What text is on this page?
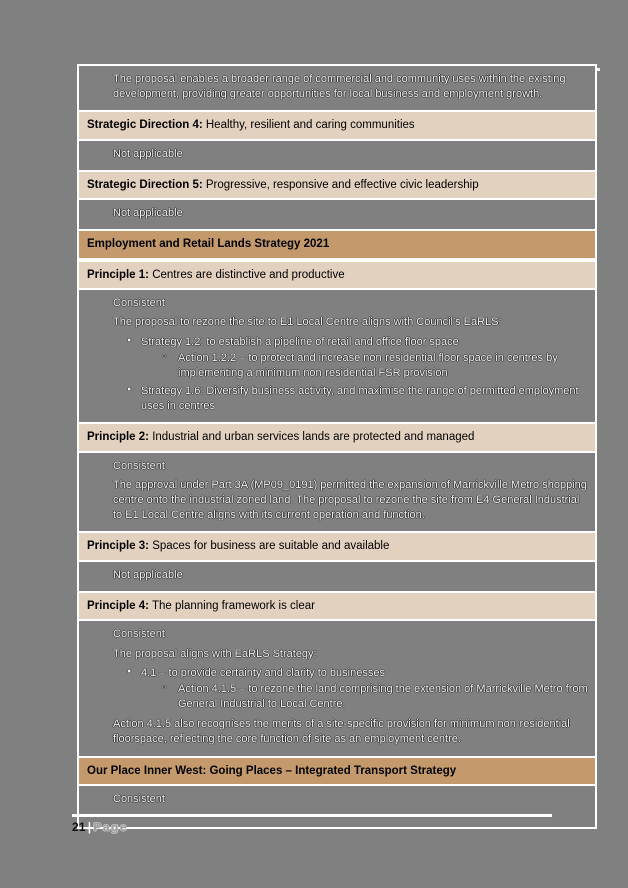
The proposal enables a broader range of commercial and community uses within the existing development, providing greater opportunities for local business and employment growth.
Strategic Direction 4: Healthy, resilient and caring communities
Not applicable
Strategic Direction 5: Progressive, responsive and effective civic leadership
Not applicable
Employment and Retail Lands Strategy 2021
Principle 1: Centres are distinctive and productive
Consistent
The proposal to rezone the site to E1 Local Centre aligns with Council's EaRLS:
● Strategy 1.2: to establish a pipeline of retail and office floor space
○ Action 1.2.2 – to protect and increase non-residential floor space in centres by implementing a minimum non-residential FSR provision
● Strategy 1.6: Diversify business activity, and maximise the range of permitted employment uses in centres
Principle 2: Industrial and urban services lands are protected and managed
Consistent
The approval under Part 3A (MP09_0191) permitted the expansion of Marrickville Metro shopping centre onto the industrial zoned land. The proposal to rezone the site from E4 General Industrial to E1 Local Centre aligns with its current operation and function.
Principle 3: Spaces for business are suitable and available
Not applicable
Principle 4: The planning framework is clear
Consistent
The proposal aligns with EaRLS Strategy:
● 4.1 – to provide certainty and clarity to businesses
○ Action 4.1.5 – to rezone the land comprising the extension of Marrickville Metro from General Industrial to Local Centre.
Action 4.1.5 also recognises the merits of a site-specific provision for minimum non-residential floorspace, reflecting the core function of site as an employment centre.
Our Place Inner West: Going Places – Integrated Transport Strategy
Consistent
21 | Page
